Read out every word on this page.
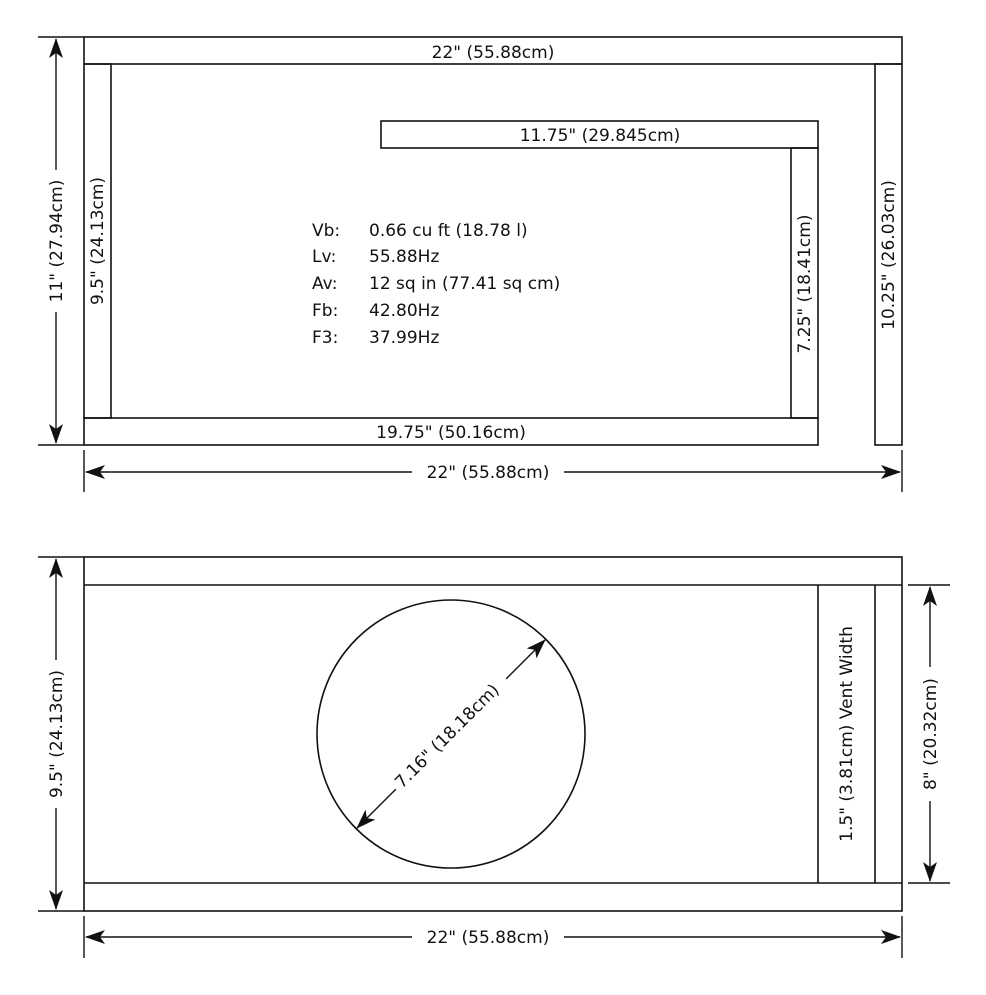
22" (55.88cm)
9.5" (24.13cm)
19.75" (50.16cm)
11.75" (29.845cm)
7.25" (18.41cm)	10.25" (26.03cm)
Vb: 0.66 cu ft (18.78 l)
Lv: 55.88Hz
Av: 12 sq in (77.41 sq cm)
Fb: 42.80Hz
F3: 37.99Hz
11" (27.94cm)
22" (55.88cm)
1.5" (3.81cm) Vent Width
7.16" (18.18cm)
9.5" (24.13cm)	8" (20.32cm)
22" (55.88cm)
